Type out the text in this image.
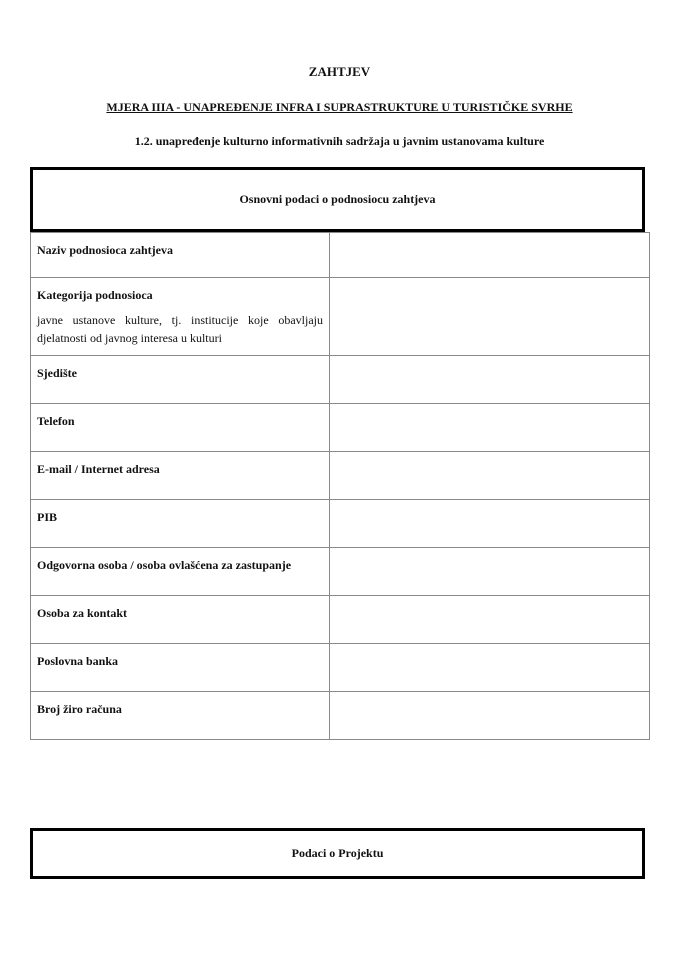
ZAHTJEV
MJERA IIIA - UNAPREĐENJE INFRA I SUPRASTRUKTURE U TURISTIČKE SVRHE
1.2. unapređenje kulturno informativnih sadržaja u javnim ustanovama kulture
Osnovni podaci o podnosiocu zahtjeva
Naziv podnosioca zahtjeva	
Kategorija podnosioca
javne ustanove kulture, tj. institucije koje obavljaju djelatnosti od javnog interesa u kulturi	

Sjedište	
Telefon	
E-mail / Internet adresa	
PIB	
Odgovorna osoba / osoba ovlašćena za zastupanje	
Osoba za kontakt	
Poslovna banka	
Broj žiro računa	
Podaci o Projektu
